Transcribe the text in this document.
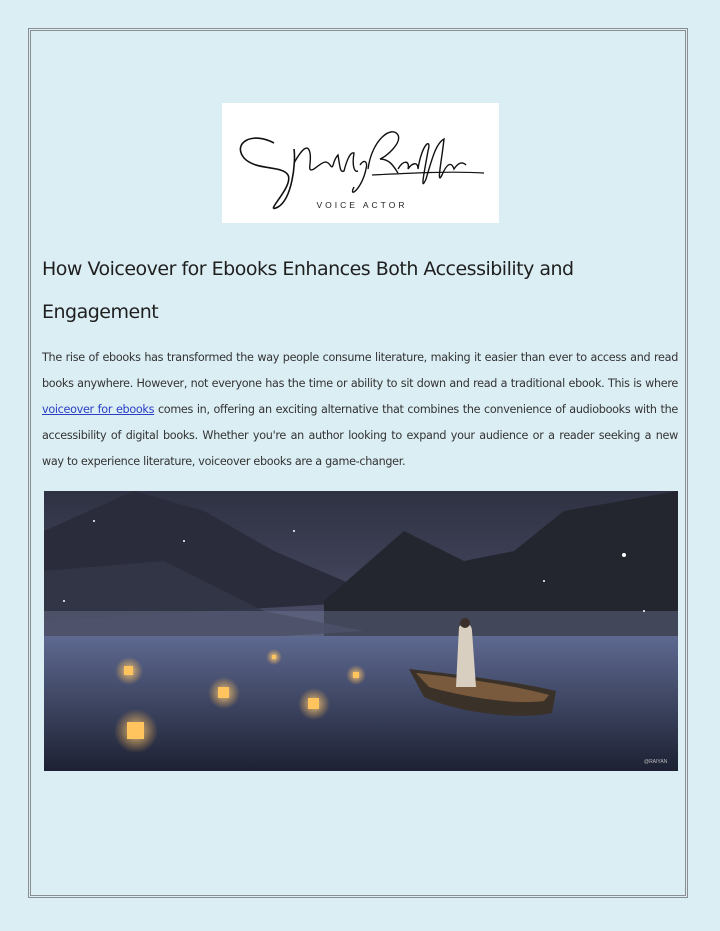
VOICE ACTOR
How Voiceover for Ebooks Enhances Both Accessibility and Engagement

The rise of ebooks has transformed the way people consume literature, making it easier than ever to access and read books anywhere. However, not everyone has the time or ability to sit down and read a traditional ebook. This is where voiceover for ebooks comes in, offering an exciting alternative that combines the convenience of audiobooks with the accessibility of digital books. Whether you're an author looking to expand your audience or a reader seeking a new way to experience literature, voiceover ebooks are a game-changer.

@RAIYAN
